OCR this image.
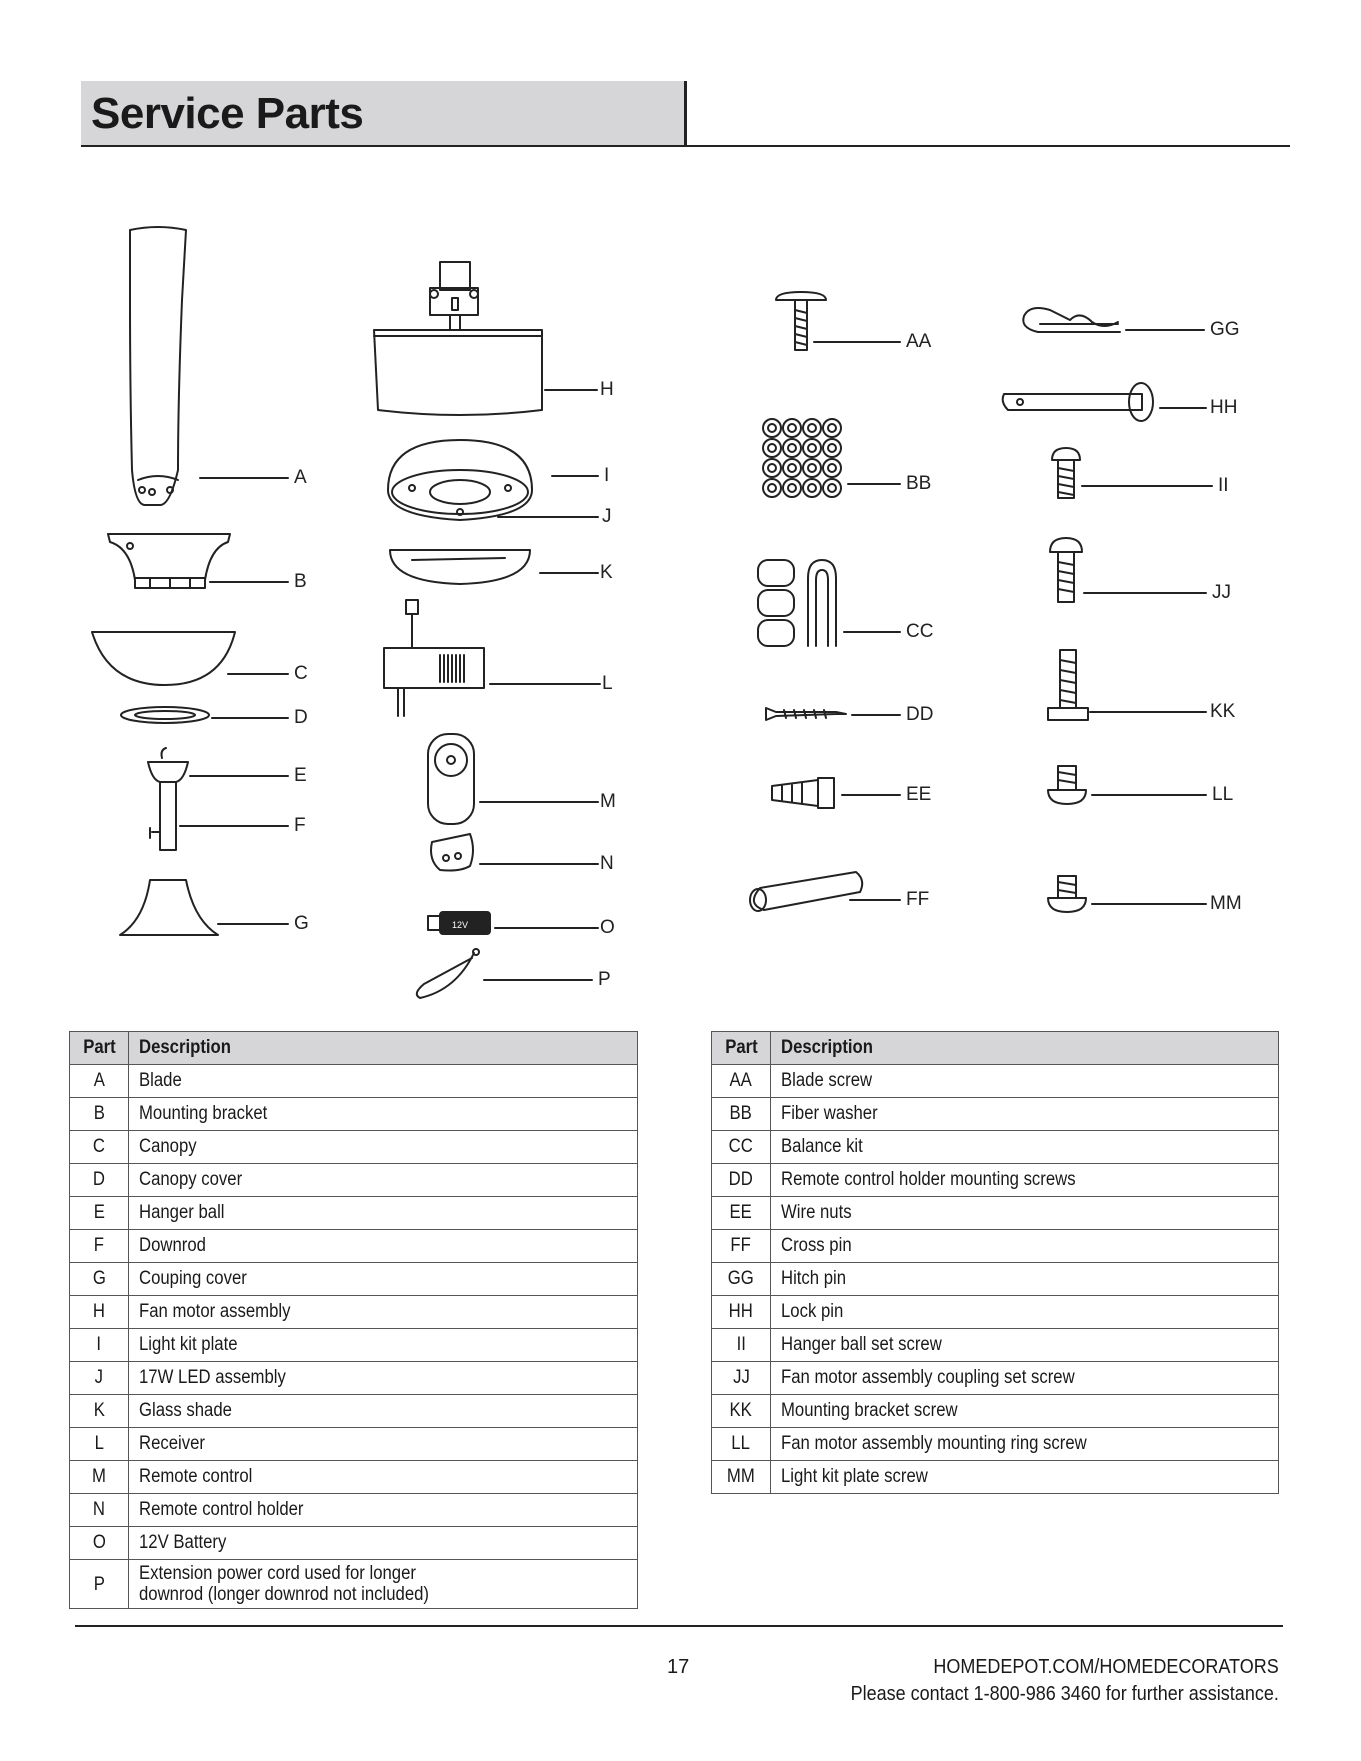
Service Parts
12V
A
B
C
D
E
F
G
H
I
J
K
L
M
N
O
P
AA
BB
CC
DD
EE
FF
GG
HH
II
JJ
KK
LL
MM
Part	Description
A	Blade
B	Mounting bracket
C	Canopy
D	Canopy cover
E	Hanger ball
F	Downrod
G	Couping cover
H	Fan motor assembly
I	Light kit plate
J	17W LED assembly
K	Glass shade
L	Receiver
M	Remote control
N	Remote control holder
O	12V Battery
P	Extension power cord used for longer
downrod (longer downrod not included)
Part	Description
AA	Blade screw
BB	Fiber washer
CC	Balance kit
DD	Remote control holder mounting screws
EE	Wire nuts
FF	Cross pin
GG	Hitch pin
HH	Lock pin
II	Hanger ball set screw
JJ	Fan motor assembly coupling set screw
KK	Mounting bracket screw
LL	Fan motor assembly mounting ring screw
MM	Light kit plate screw
17	HOMEDEPOT.COM/HOMEDECORATORS
Please contact 1-800-986 3460 for further assistance.
